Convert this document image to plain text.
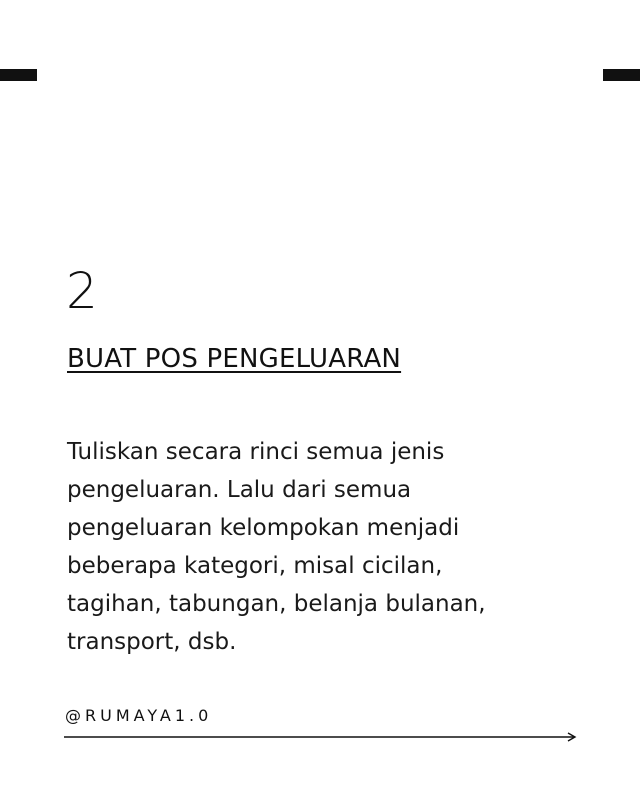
2
BUAT POS PENGELUARAN

Tuliskan secara rinci semua jenis
pengeluaran. Lalu dari semua
pengeluaran kelompokan menjadi
beberapa kategori, misal cicilan,
tagihan, tabungan, belanja bulanan,
transport, dsb.

@RUMAYA1.0
